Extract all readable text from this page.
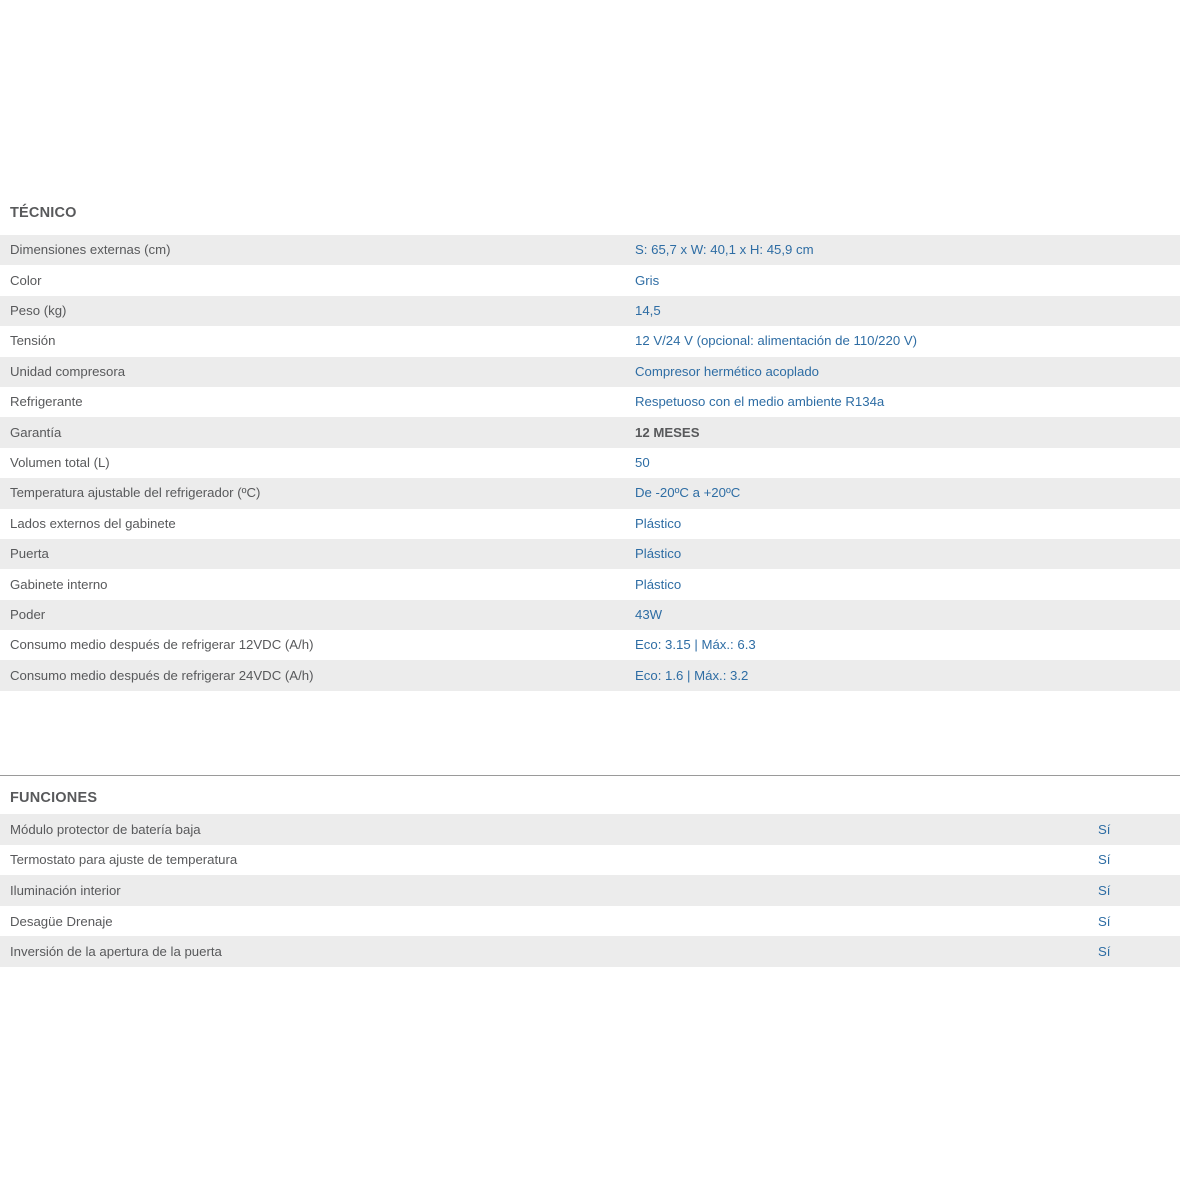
TÉCNICO
Dimensiones externas (cm)	S: 65,7 x W: 40,1 x H: 45,9 cm
Color	Gris
Peso (kg)	14,5
Tensión	12 V/24 V (opcional: alimentación de 110/220 V)
Unidad compresora	Compresor hermético acoplado
Refrigerante	Respetuoso con el medio ambiente R134a
Garantía	12 MESES
Volumen total (L)	50
Temperatura ajustable del refrigerador (ºC)	De -20ºC a +20ºC
Lados externos del gabinete	Plástico
Puerta	Plástico
Gabinete interno	Plástico
Poder	43W
Consumo medio después de refrigerar 12VDC (A/h)	Eco: 3.15 | Máx.: 6.3
Consumo medio después de refrigerar 24VDC (A/h)	Eco: 1.6 | Máx.: 3.2
FUNCIONES
Módulo protector de batería baja	Sí
Termostato para ajuste de temperatura	Sí
Iluminación interior	Sí
Desagüe Drenaje	Sí
Inversión de la apertura de la puerta	Sí
